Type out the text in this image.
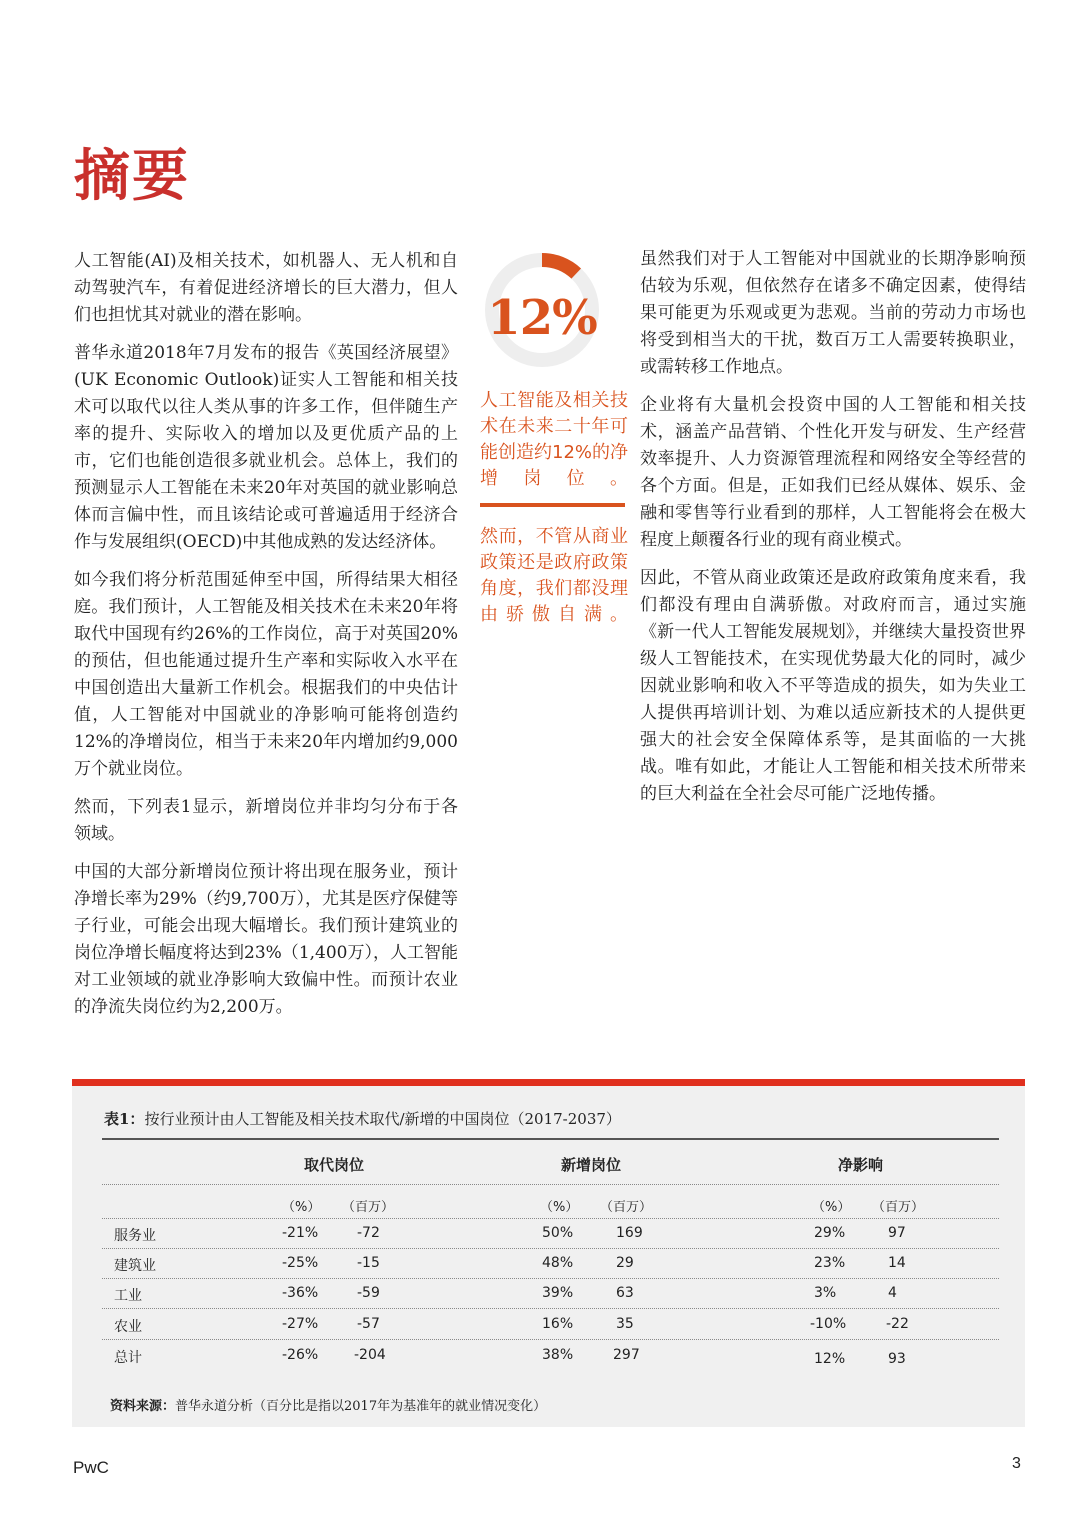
摘要

人工智能(AI)及相关技术，如机器人、无人机和自动驾驶汽车，有着促进经济增长的巨大潜力，但人们也担忧其对就业的潜在影响。

普华永道2018年7月发布的报告《英国经济展望》(UK Economic Outlook)证实人工智能和相关技术可以取代以往人类从事的许多工作，但伴随生产率的提升、实际收入的增加以及更优质产品的上市，它们也能创造很多就业机会。总体上，我们的预测显示人工智能在未来20年对英国的就业影响总体而言偏中性，而且该结论或可普遍适用于经济合作与发展组织(OECD)中其他成熟的发达经济体。

如今我们将分析范围延伸至中国，所得结果大相径庭。我们预计，人工智能及相关技术在未来20年将取代中国现有约26%的工作岗位，高于对英国20%的预估，但也能通过提升生产率和实际收入水平在中国创造出大量新工作机会。根据我们的中央估计值，人工智能对中国就业的净影响可能将创造约12%的净增岗位，相当于未来20年内增加约9,000万个就业岗位。

然而，下列表1显示，新增岗位并非均匀分布于各领域。

中国的大部分新增岗位预计将出现在服务业，预计净增长率为29%（约9,700万），尤其是医疗保健等子行业，可能会出现大幅增长。我们预计建筑业的岗位净增长幅度将达到23%（1,400万），人工智能对工业领域的就业净影响大致偏中性。而预计农业的净流失岗位约为2,200万。

12%
人工智能及相关技术在未来二十年可能创造约12%的净增岗位。
然而，不管从商业政策还是政府政策角度，我们都没理由骄傲自满。

虽然我们对于人工智能对中国就业的长期净影响预估较为乐观，但依然存在诸多不确定因素，使得结果可能更为乐观或更为悲观。当前的劳动力市场也将受到相当大的干扰，数百万工人需要转换职业，或需转移工作地点。

企业将有大量机会投资中国的人工智能和相关技术，涵盖产品营销、个性化开发与研发、生产经营效率提升、人力资源管理流程和网络安全等经营的各个方面。但是，正如我们已经从媒体、娱乐、金融和零售等行业看到的那样，人工智能将会在极大程度上颠覆各行业的现有商业模式。

因此，不管从商业政策还是政府政策角度来看，我们都没有理由自满骄傲。对政府而言，通过实施《新一代人工智能发展规划》，并继续大量投资世界级人工智能技术，在实现优势最大化的同时，减少因就业影响和收入不平等造成的损失，如为失业工人提供再培训计划、为难以适应新技术的人提供更强大的社会安全保障体系等，是其面临的一大挑战。唯有如此，才能让人工智能和相关技术所带来的巨大利益在全社会尽可能广泛地传播。

表1：按行业预计由人工智能及相关技术取代/新增的中国岗位（2017-2037）
取代岗位	新增岗位	净影响
（%） （百万）	（%） （百万）	（%） （百万）
服务业	-21%	-72	50%	169	29%	97
建筑业	-25%	-15	48%	29	23%	14
工业	-36%	-59	39%	63	3%	4
农业	-27%	-57	16%	35	-10%	-22
总计	-26%	-204	38%	297	12%	93
资料来源：普华永道分析（百分比是指以2017年为基准年的就业情况变化）
PwC	3
